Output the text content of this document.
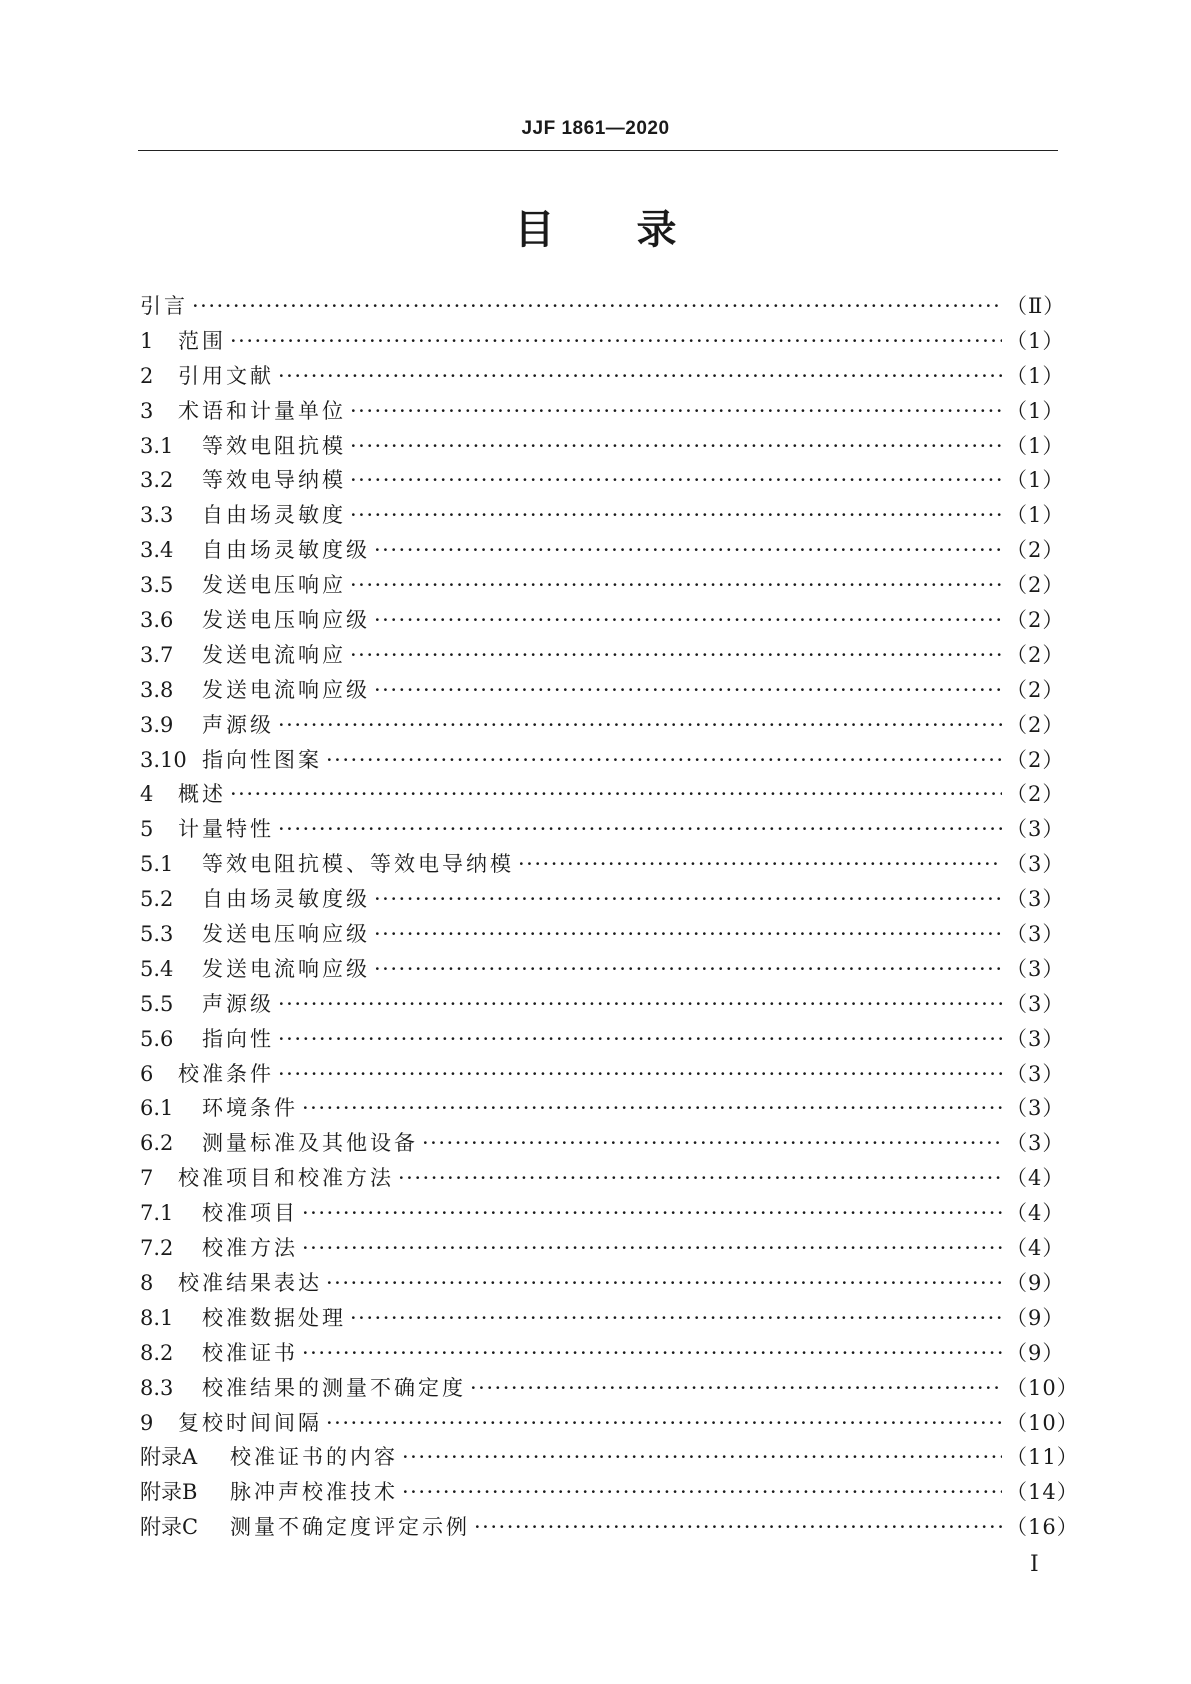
JJF 1861—2020
目 录
引言 ·····	（Ⅱ）
1	范围 ·····	（1）
2	引用文献 ·····	（1）
3	术语和计量单位 ·····	（1）
3.1	等效电阻抗模 ·····	（1）
3.2	等效电导纳模 ·····	（1）
3.3	自由场灵敏度 ·····	（1）
3.4	自由场灵敏度级 ·····	（2）
3.5	发送电压响应 ·····	（2）
3.6	发送电压响应级 ·····	（2）
3.7	发送电流响应 ·····	（2）
3.8	发送电流响应级 ·····	（2）
3.9	声源级 ·····	（2）
3.10 指向性图案 ·····	（2）
4	概述 ·····	（2）
5	计量特性 ·····	（3）
5.1	等效电阻抗模、等效电导纳模 ·····	（3）
5.2	自由场灵敏度级 ·····	（3）
5.3	发送电压响应级 ·····	（3）
5.4	发送电流响应级 ·····	（3）
5.5	声源级 ·····	（3）
5.6	指向性 ·····	（3）
6	校准条件 ·····	（3）
6.1	环境条件 ·····	（3）
6.2	测量标准及其他设备 ·····	（3）
7	校准项目和校准方法 ·····	（4）
7.1	校准项目 ·····	（4）
7.2	校准方法 ·····	（4）
8	校准结果表达 ·····	（9）
8.1	校准数据处理 ·····	（9）
8.2	校准证书 ·····	（9）
8.3	校准结果的测量不确定度 ·····	（10）
9	复校时间间隔 ·····	（10）
附录A	校准证书的内容 ·····	（11）
附录B	脉冲声校准技术 ·····	（14）
附录C	测量不确定度评定示例 ·····	（16）
Ⅰ
